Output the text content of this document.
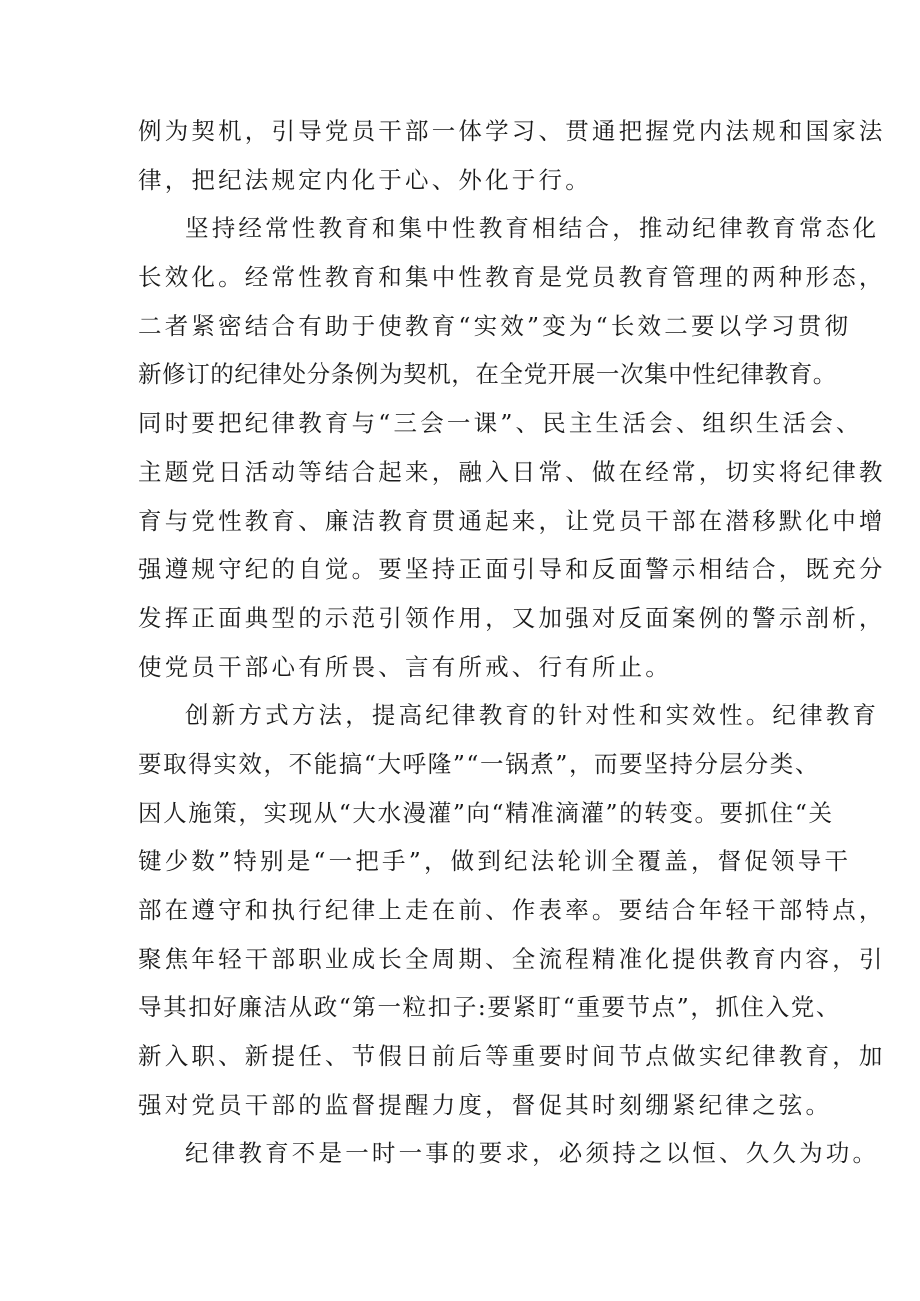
例为契机，引导党员干部一体学习、贯通把握党内法规和国家法
律，把纪法规定内化于心、外化于行。
坚持经常性教育和集中性教育相结合，推动纪律教育常态化
长效化。经常性教育和集中性教育是党员教育管理的两种形态，
二者紧密结合有助于使教育“实效”变为“长效二要以学习贯彻
新修订的纪律处分条例为契机，在全党开展一次集中性纪律教育。
同时要把纪律教育与“三会一课”、民主生活会、组织生活会、
主题党日活动等结合起来，融入日常、做在经常，切实将纪律教
育与党性教育、廉洁教育贯通起来，让党员干部在潜移默化中增
强遵规守纪的自觉。要坚持正面引导和反面警示相结合，既充分
发挥正面典型的示范引领作用，又加强对反面案例的警示剖析，
使党员干部心有所畏、言有所戒、行有所止。
创新方式方法，提高纪律教育的针对性和实效性。纪律教育
要取得实效，不能搞“大呼隆”“一锅煮”，而要坚持分层分类、
因人施策，实现从“大水漫灌”向“精准滴灌”的转变。要抓住“关
键少数”特别是“一把手”，做到纪法轮训全覆盖，督促领导干
部在遵守和执行纪律上走在前、作表率。要结合年轻干部特点，
聚焦年轻干部职业成长全周期、全流程精准化提供教育内容，引
导其扣好廉洁从政“第一粒扣子:要紧盯“重要节点”，抓住入党、
新入职、新提任、节假日前后等重要时间节点做实纪律教育，加
强对党员干部的监督提醒力度，督促其时刻绷紧纪律之弦。
纪律教育不是一时一事的要求，必须持之以恒、久久为功。
